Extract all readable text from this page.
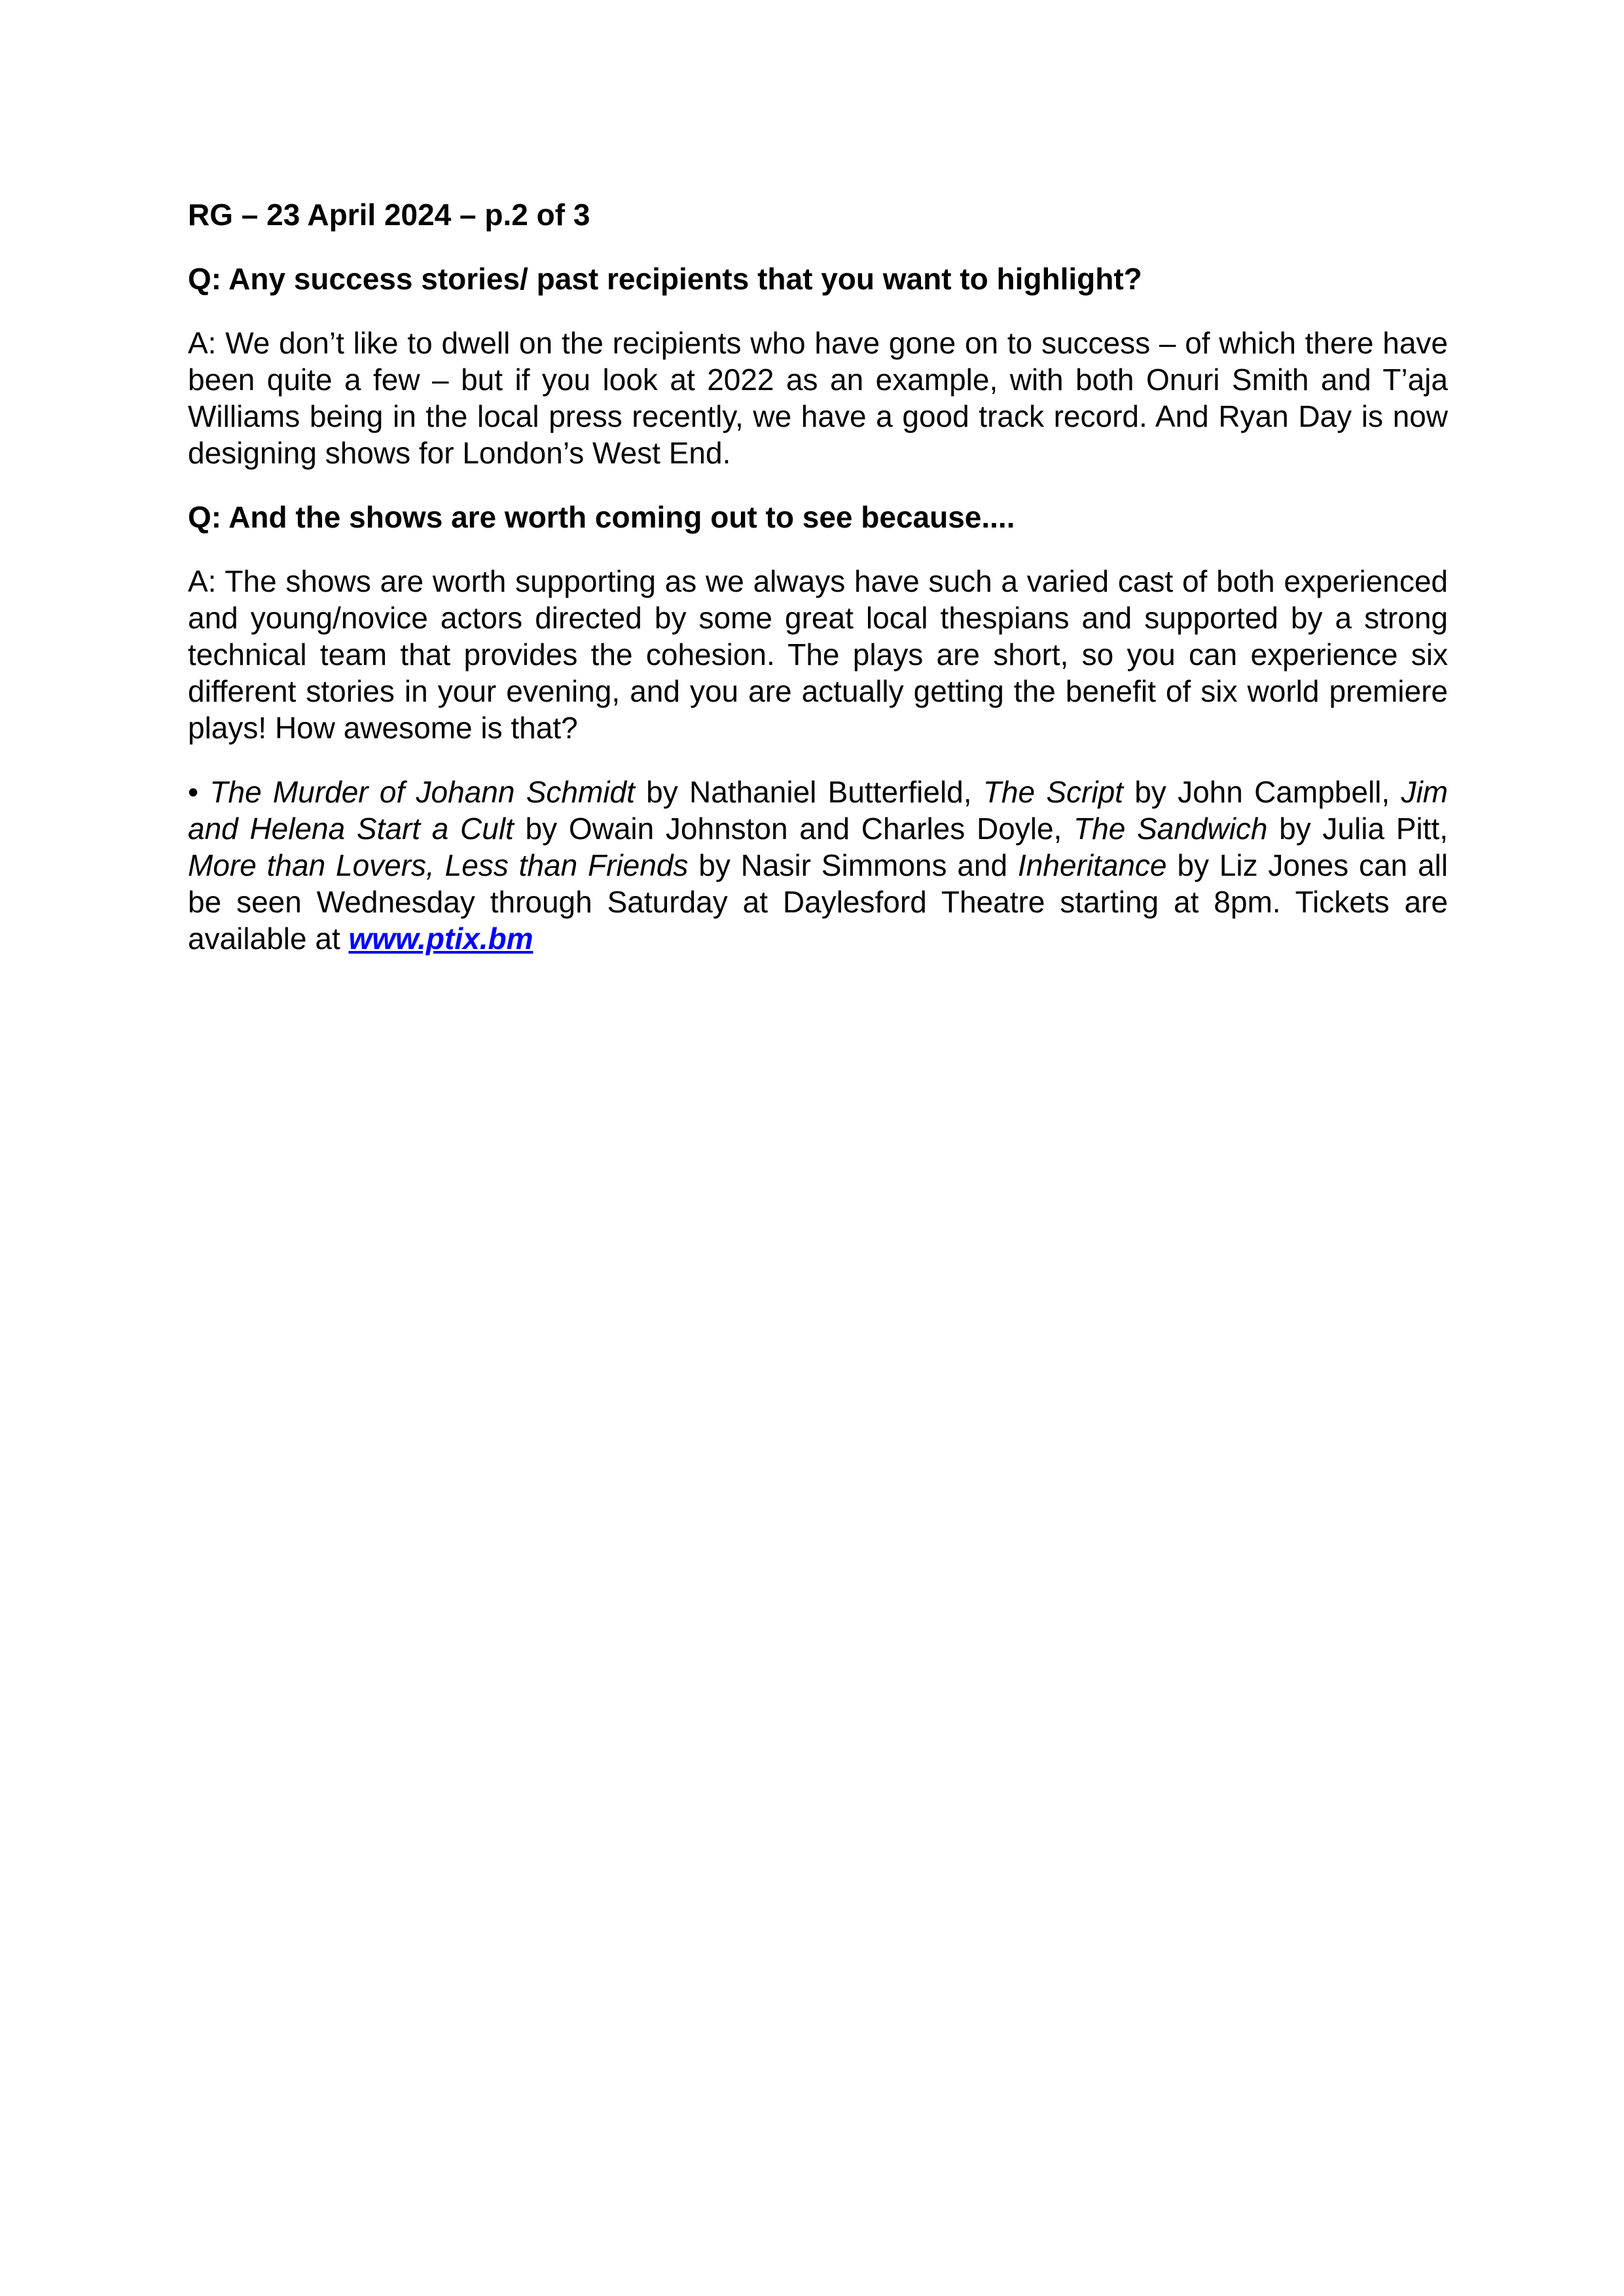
RG – 23 April 2024 – p.2 of 3

Q: Any success stories/ past recipients that you want to highlight?

A: We don’t like to dwell on the recipients who have gone on to success – of which there have been quite a few – but if you look at 2022 as an example, with both Onuri Smith and T’aja Williams being in the local press recently, we have a good track record. And Ryan Day is now designing shows for London’s West End.

Q: And the shows are worth coming out to see because....

A: The shows are worth supporting as we always have such a varied cast of both experienced and young/novice actors directed by some great local thespians and supported by a strong technical team that provides the cohesion. The plays are short, so you can experience six different stories in your evening, and you are actually getting the benefit of six world premiere plays! How awesome is that?

• The Murder of Johann Schmidt by Nathaniel Butterfield, The Script by John Campbell, Jim and Helena Start a Cult by Owain Johnston and Charles Doyle, The Sandwich by Julia Pitt, More than Lovers, Less than Friends by Nasir Simmons and Inheritance by Liz Jones can all be seen Wednesday through Saturday at Daylesford Theatre starting at 8pm. Tickets are available at www.ptix.bm
